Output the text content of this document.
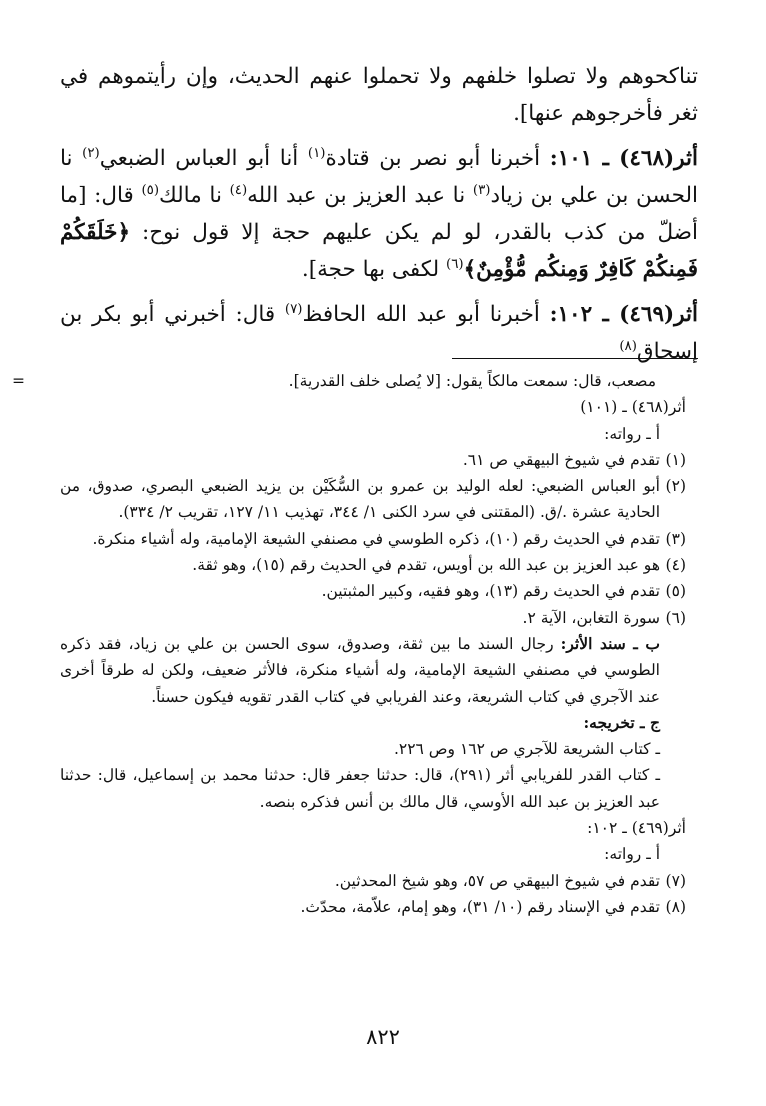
تناكحوهم ولا تصلوا خلفهم ولا تحملوا عنهم الحديث، وإن رأيتموهم في ثغر فأخرجوهم عنها].

أثر(٤٦٨) ـ ١٠١: أخبرنا أبو نصر بن قتادة$^{(١)}$ أنا أبو العباس الضبعي$^{(٢)}$ نا الحسن بن علي بن زياد$^{(٣)}$ نا عبد العزيز بن عبد الله$^{(٤)}$ نا مالك$^{(٥)}$ قال: [ما أضلّ من كذب بالقدر، لو لم يكن عليهم حجة إلا قول نوح: ﴿خَلَقَكُمْ فَمِنكُمْ كَافِرٌ وَمِنكُم مُّؤْمِنٌ﴾$^{(٦)}$ لكفى بها حجة].

أثر(٤٦٩) ـ ١٠٢: أخبرنا أبو عبد الله الحافظ$^{(٧)}$ قال: أخبرني أبو بكر بن إسحاق$^{(٨)}$

=	مصعب، قال: سمعت مالكاً يقول: [لا يُصلى خلف القدرية].
أثر(٤٦٨) ـ (١٠١)
أ ـ رواته:
(١)
تقدم في شيوخ البيهقي ص ٦١.
(٢)
أبو العباس الضبعي: لعله الوليد بن عمرو بن السُّكَيْن بن يزيد الضبعي البصري، صدوق، من الحادية عشرة ./ق. (المقتنى في سرد الكنى ١/ ٣٤٤، تهذيب ١١/ ١٢٧، تقريب ٢/ ٣٣٤).
(٣)
تقدم في الحديث رقم (١٠)، ذكره الطوسي في مصنفي الشيعة الإمامية، وله أشياء منكرة.
(٤)
هو عبد العزيز بن عبد الله بن أويس، تقدم في الحديث رقم (١٥)، وهو ثقة.
(٥)
تقدم في الحديث رقم (١٣)، وهو فقيه، وكبير المثبتين.
(٦)
سورة التغابن، الآية ٢.
ب ـ سند الأثر: رجال السند ما بين ثقة، وصدوق، سوى الحسن بن علي بن زياد، فقد ذكره الطوسي في مصنفي الشيعة الإمامية، وله أشياء منكرة، فالأثر ضعيف، ولكن له طرقاً أخرى عند الآجري في كتاب الشريعة، وعند الفريابي في كتاب القدر تقويه فيكون حسناً.
ج ـ تخريجه:
ـ كتاب الشريعة للآجري ص ١٦٢ وص ٢٢٦.
ـ كتاب القدر للفريابي أثر (٢٩١)، قال: حدثنا جعفر قال: حدثنا محمد بن إسماعيل، قال: حدثنا عبد العزيز بن عبد الله الأوسي، قال مالك بن أنس فذكره بنصه.
أثر(٤٦٩) ـ ١٠٢:
أ ـ رواته:
(٧)
تقدم في شيوخ البيهقي ص ٥٧، وهو شيخ المحدثين.
(٨)
تقدم في الإسناد رقم (١٠/ ٣١)، وهو إمام، علاّمة، محدّث.
٨٢٢
